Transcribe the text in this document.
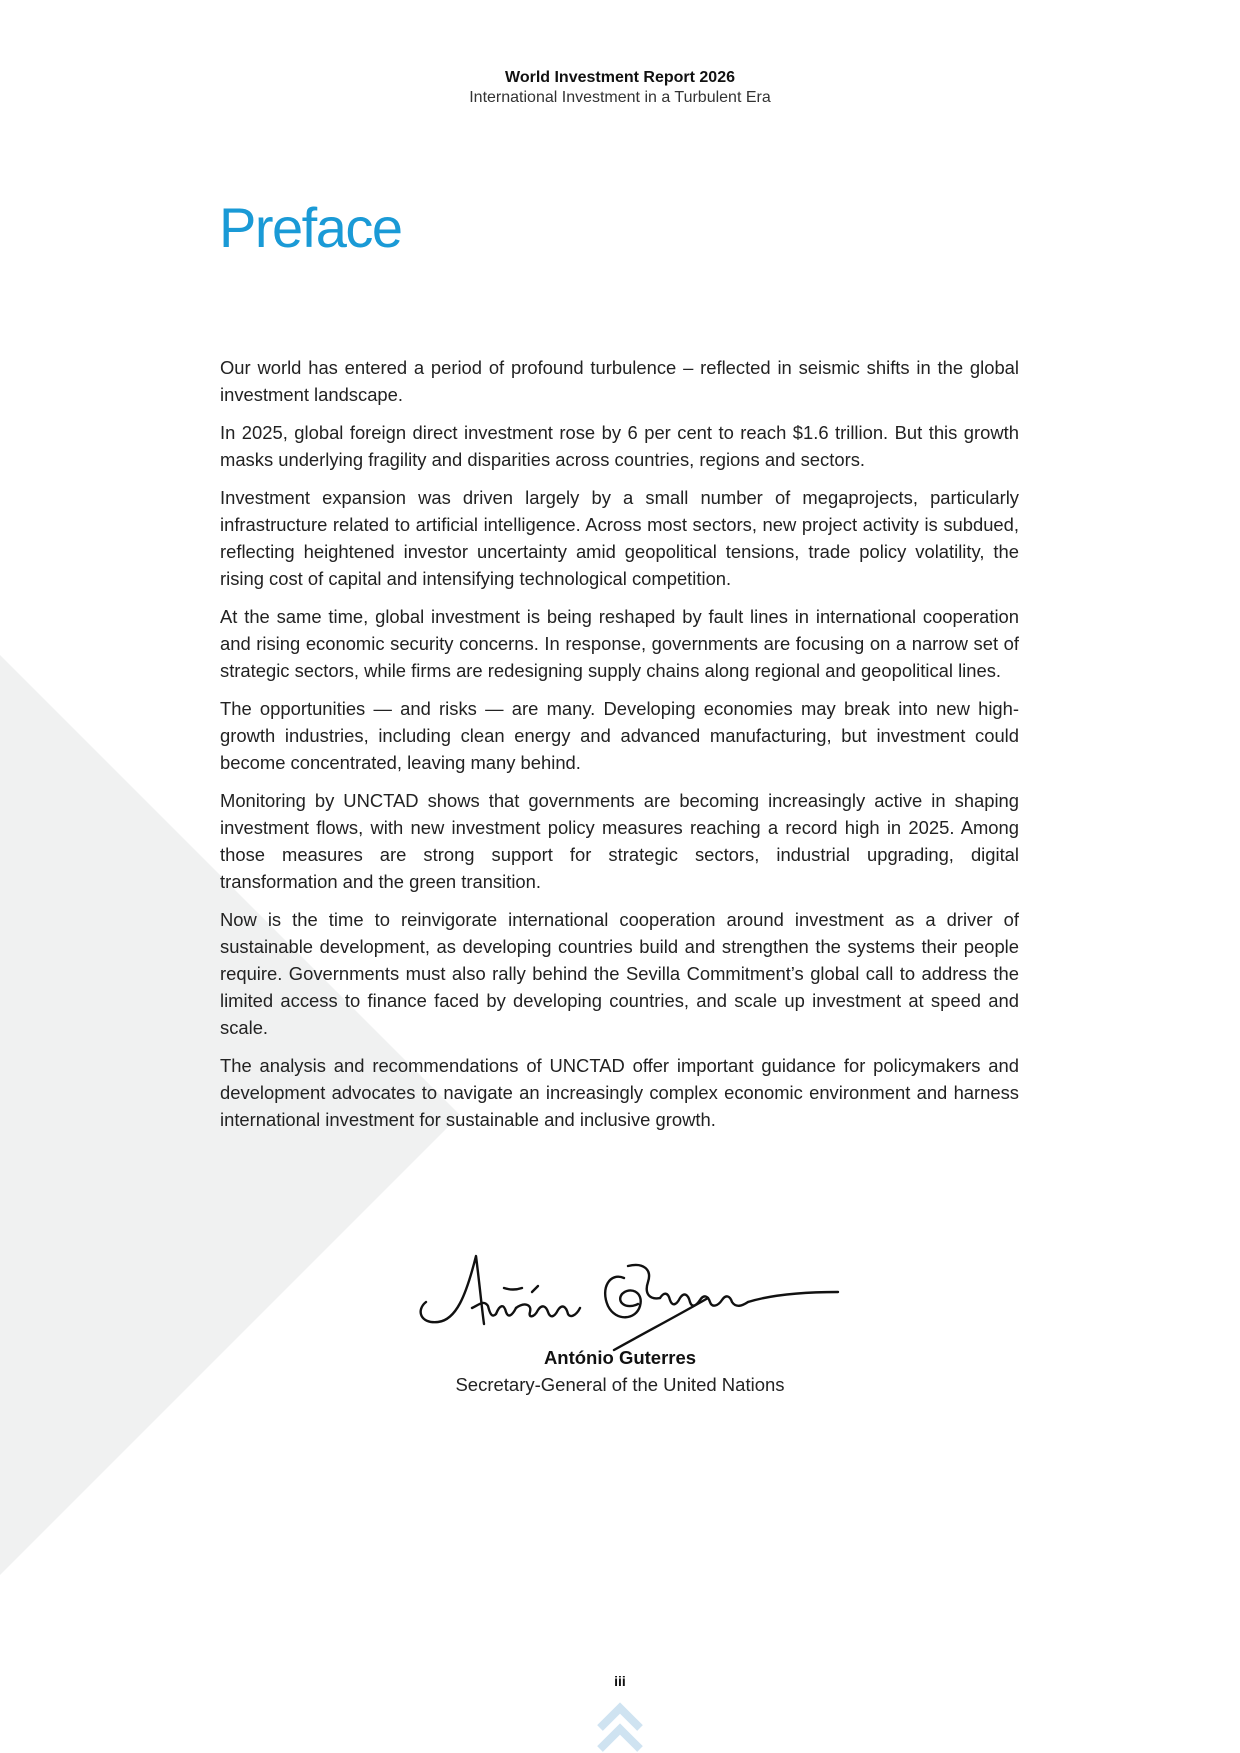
World Investment Report 2026
International Investment in a Turbulent Era
Preface

Our world has entered a period of profound turbulence – reflected in seismic shifts in the global investment landscape.

In 2025, global foreign direct investment rose by 6 per cent to reach $1.6 trillion. But this growth masks underlying fragility and disparities across countries, regions and sectors.

Investment expansion was driven largely by a small number of megaprojects, particularly infrastructure related to artificial intelligence. Across most sectors, new project activity is subdued, reflecting heightened investor uncertainty amid geopolitical tensions, trade policy volatility, the rising cost of capital and intensifying technological competition.

At the same time, global investment is being reshaped by fault lines in international cooperation and rising economic security concerns. In response, governments are focusing on a narrow set of strategic sectors, while firms are redesigning supply chains along regional and geopolitical lines.

The opportunities — and risks — are many. Developing economies may break into new high-growth industries, including clean energy and advanced manufacturing, but investment could become concentrated, leaving many behind.

Monitoring by UNCTAD shows that governments are becoming increasingly active in shaping investment flows, with new investment policy measures reaching a record high in 2025. Among those measures are strong support for strategic sectors, industrial upgrading, digital transformation and the green transition.

Now is the time to reinvigorate international cooperation around investment as a driver of sustainable development, as developing countries build and strengthen the systems their people require. Governments must also rally behind the Sevilla Commitment’s global call to address the limited access to finance faced by developing countries, and scale up investment at speed and scale.

The analysis and recommendations of UNCTAD offer important guidance for policymakers and development advocates to navigate an increasingly complex economic environment and harness international investment for sustainable and inclusive growth.

António Guterres
Secretary-General of the United Nations
iii
